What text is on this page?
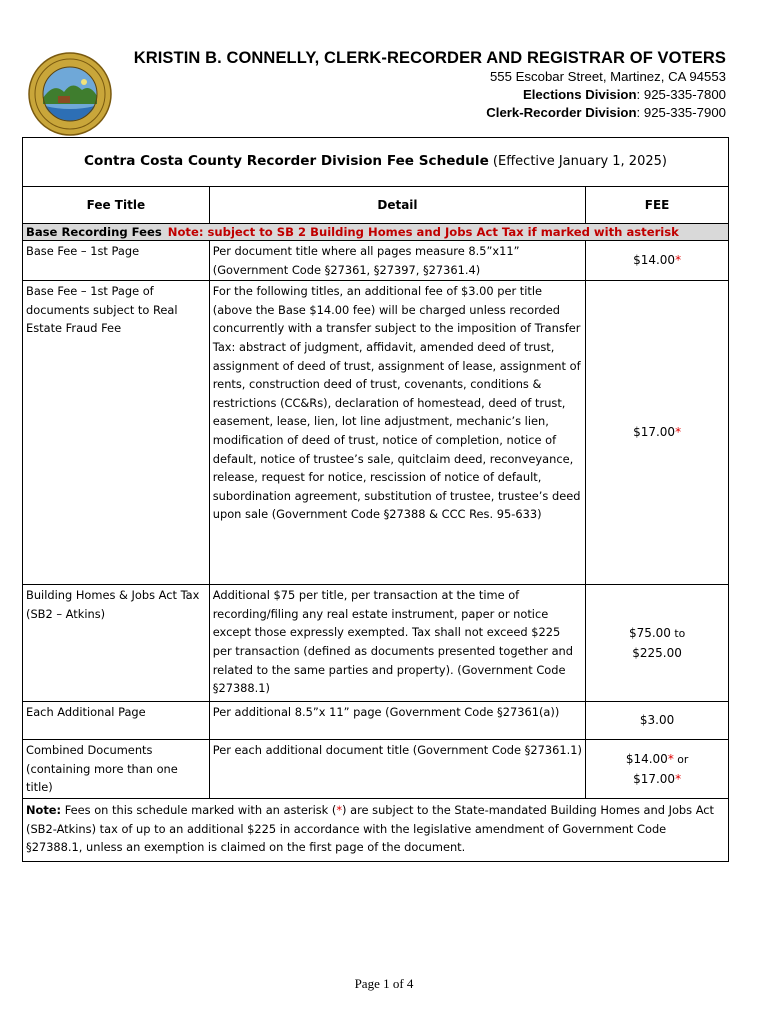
KRISTIN B. CONNELLY, CLERK-RECORDER AND REGISTRAR OF VOTERS
555 Escobar Street, Martinez, CA 94553
Elections Division: 925-335-7800
Clerk-Recorder Division: 925-335-7900
Contra Costa County Recorder Division Fee Schedule (Effective January 1, 2025)		
Fee Title	Detail	FEE
Base Recording Fees Note: subject to SB 2 Building Homes and Jobs Act Tax if marked with asterisk		
Base Fee – 1st Page	Per document title where all pages measure 8.5”x11” (Government Code §27361, §27397, §27361.4)	$14.00*
Base Fee – 1st Page of documents subject to Real Estate Fraud Fee	For the following titles, an additional fee of $3.00 per title (above the Base $14.00 fee) will be charged unless recorded concurrently with a transfer subject to the imposition of Transfer Tax: abstract of judgment, affidavit, amended deed of trust, assignment of deed of trust, assignment of lease, assignment of rents, construction deed of trust, covenants, conditions & restrictions (CC&Rs), declaration of homestead, deed of trust, easement, lease, lien, lot line adjustment, mechanic’s lien, modification of deed of trust, notice of completion, notice of default, notice of trustee’s sale, quitclaim deed, reconveyance, release, request for notice, rescission of notice of default, subordination agreement, substitution of trustee, trustee’s deed upon sale (Government Code §27388 & CCC Res. 95-633)	$17.00*
Building Homes & Jobs Act Tax (SB2 – Atkins)	Additional $75 per title, per transaction at the time of recording/filing any real estate instrument, paper or notice except those expressly exempted. Tax shall not exceed $225 per transaction (defined as documents presented together and related to the same parties and property). (Government Code §27388.1)	$75.00 to
$225.00
Each Additional Page	Per additional 8.5”x 11” page (Government Code §27361(a))	$3.00
Combined Documents (containing more than one title)	Per each additional document title (Government Code §27361.1)	$14.00* or
$17.00*
Note: Fees on this schedule marked with an asterisk (*) are subject to the State-mandated Building Homes and Jobs Act (SB2-Atkins) tax of up to an additional $225 in accordance with the legislative amendment of Government Code §27388.1, unless an exemption is claimed on the first page of the document.		
Page 1 of 4
